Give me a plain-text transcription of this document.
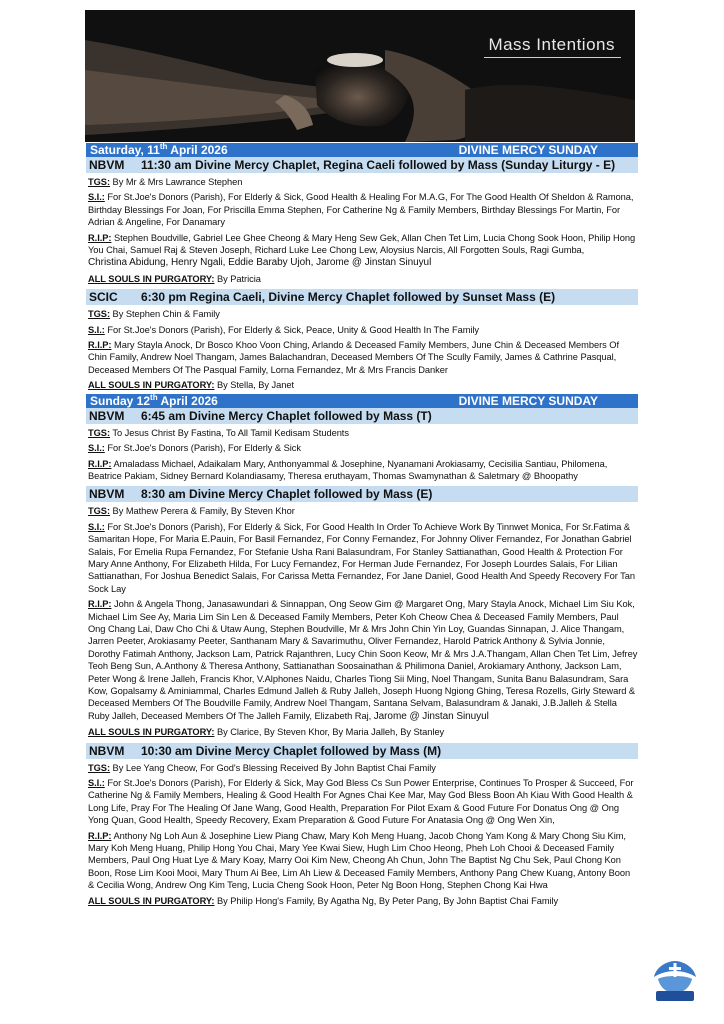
Mass Intentions
Saturday, 11th April 2026	DIVINE MERCY SUNDAY
NBVM 11:30 am Divine Mercy Chaplet, Regina Caeli followed by Mass (Sunday Liturgy - E)
TGS: By Mr & Mrs Lawrance Stephen
S.I.: For St.Joe's Donors (Parish), For Elderly & Sick, Good Health & Healing For M.A.G, For The Good Health Of Sheldon & Ramona, Birthday Blessings For Joan, For Priscilla Emma Stephen, For Catherine Ng & Family Members, Birthday Blessings For Martin, For Adrian & Angeline, For Danamary
R.I.P: Stephen Boudville, Gabriel Lee Ghee Cheong & Mary Heng Sew Gek, Allan Chen Tet Lim, Lucia Chong Sook Hoon, Philip Hong You Chai, Samuel Raj & Steven Joseph, Richard Luke Lee Chong Lew, Aloysius Narcis, All Forgotten Souls, Ragi Gumba,
Christina Abidung, Henry Ngali, Eddie Baraby Ujoh, Jarome @ Jinstan Sinuyul
ALL SOULS IN PURGATORY: By Patricia
SCIC 6:30 pm Regina Caeli, Divine Mercy Chaplet followed by Sunset Mass (E)
TGS: By Stephen Chin & Family
S.I.: For St.Joe's Donors (Parish), For Elderly & Sick, Peace, Unity & Good Health In The Family
R.I.P: Mary Stayla Anock, Dr Bosco Khoo Voon Ching, Arlando & Deceased Family Members, June Chin & Deceased Members Of Chin Family, Andrew Noel Thangam, James Balachandran, Deceased Members Of The Scully Family, James & Cathrine Pasqual, Deceased Members Of The Pasqual Family, Lorna Fernandez, Mr & Mrs Francis Danker
ALL SOULS IN PURGATORY: By Stella, By Janet
Sunday 12th April 2026	DIVINE MERCY SUNDAY
NBVM 6:45 am Divine Mercy Chaplet followed by Mass (T)
TGS: To Jesus Christ By Fastina, To All Tamil Kedisam Students
S.I.: For St.Joe's Donors (Parish), For Elderly & Sick
R.I.P: Amaladass Michael, Adaikalam Mary, Anthonyammal & Josephine, Nyanamani Arokiasamy, Cecisilia Santiau, Philomena, Beatrice Pakiam, Sidney Bernard Kolandiasamy, Theresa eruthayam, Thomas Swamynathan & Saletmary @ Bhoopathy
NBVM 8:30 am Divine Mercy Chaplet followed by Mass (E)
TGS: By Mathew Perera & Family, By Steven Khor
S.I.: For St.Joe's Donors (Parish), For Elderly & Sick, For Good Health In Order To Achieve Work By Tinnwet Monica, For Sr.Fatima & Samaritan Hope, For Maria E.Pauin, For Basil Fernandez, For Conny Fernandez, For Johnny Oliver Fernandez, For Jonathan Gabriel Salais, For Emelia Rupa Fernandez, For Stefanie Usha Rani Balasundram, For Stanley Sattianathan, Good Health & Protection For Mary Anne Anthony, For Elizabeth Hilda, For Lucy Fernandez, For Herman Jude Fernandez, For Joseph Lourdes Salais, For Lilian Sattianathan, For Joshua Benedict Salais, For Carissa Metta Fernandez, For Jane Daniel, Good Health And Speedy Recovery For Tan Sock Lay
R.I.P: John & Angela Thong, Janasawundari & Sinnappan, Ong Seow Gim @ Margaret Ong, Mary Stayla Anock, Michael Lim Siu Kok, Michael Lim See Ay, Maria Lim Sin Len & Deceased Family Members, Peter Koh Cheow Chea & Deceased Family Members, Paul Ong Chang Lai, Daw Cho Chi & Utaw Aung, Stephen Boudville, Mr & Mrs John Chin Yin Loy, Guandas Sinnapan, J. Alice Thangam, Jarren Peeter, Arokiasamy Peeter, Santhanam Mary & Savarimuthu, Oliver Fernandez, Harold Patrick Anthony & Sylvia Jonnie, Dorothy Fatimah Anthony, Jackson Lam, Patrick Rajanthren, Lucy Chin Soon Keow, Mr & Mrs J.A.Thangam, Allan Chen Tet Lim, Jefrey Teoh Beng Sun, A.Anthony & Theresa Anthony, Sattianathan Soosainathan & Philimona Daniel, Arokiamary Anthony, Jackson Lam, Peter Wong & Irene Jalleh, Francis Khor, V.Alphones Naidu, Charles Tiong Sii Ming, Noel Thangam, Sunita Banu Balasundram, Sara Kow, Gopalsamy & Aminiammal, Charles Edmund Jalleh & Ruby Jalleh, Joseph Huong Ngiong Ghing, Teresa Rozells, Girly Steward & Deceased Members Of The Boudville Family, Andrew Noel Thangam, Santana Selvam, Balasundram & Janaki, J.B.Jalleh & Stella Ruby Jalleh, Deceased Members Of The Jalleh Family, Elizabeth Raj, Jarome @ Jinstan Sinuyul
ALL SOULS IN PURGATORY: By Clarice, By Steven Khor, By Maria Jalleh, By Stanley
NBVM 10:30 am Divine Mercy Chaplet followed by Mass (M)
TGS: By Lee Yang Cheow, For God's Blessing Received By John Baptist Chai Family
S.I.: For St.Joe's Donors (Parish), For Elderly & Sick, May God Bless Cs Sun Power Enterprise, Continues To Prosper & Succeed, For Catherine Ng & Family Members, Healing & Good Health For Agnes Chai Kee Mar, May God Bless Boon Ah Kiau With Good Health & Long Life, Pray For The Healing Of Jane Wang, Good Health, Preparation For Pilot Exam & Good Future For Donatus Ong @ Ong Yong Quan, Good Health, Speedy Recovery, Exam Preparation & Good Future For Anatasia Ong @ Ong Wen Xin,
R.I.P: Anthony Ng Loh Aun & Josephine Liew Piang Chaw, Mary Koh Meng Huang, Jacob Chong Yam Kong & Mary Chong Siu Kim, Mary Koh Meng Huang, Philip Hong You Chai, Mary Yee Kwai Siew, Hugh Lim Choo Heong, Pheh Loh Chooi & Deceased Family Members, Paul Ong Huat Lye & Mary Koay, Marry Ooi Kim New, Cheong Ah Chun, John The Baptist Ng Chu Sek, Paul Chong Kon Boon, Rose Lim Kooi Mooi, Mary Thum Ai Bee, Lim Ah Liew & Deceased Family Members, Anthony Pang Chew Kuang, Antony Boon & Cecilia Wong, Andrew Ong Kim Teng, Lucia Cheng Sook Hoon, Peter Ng Boon Hong, Stephen Chong Kai Hwa
ALL SOULS IN PURGATORY: By Philip Hong's Family, By Agatha Ng, By Peter Pang, By John Baptist Chai Family
